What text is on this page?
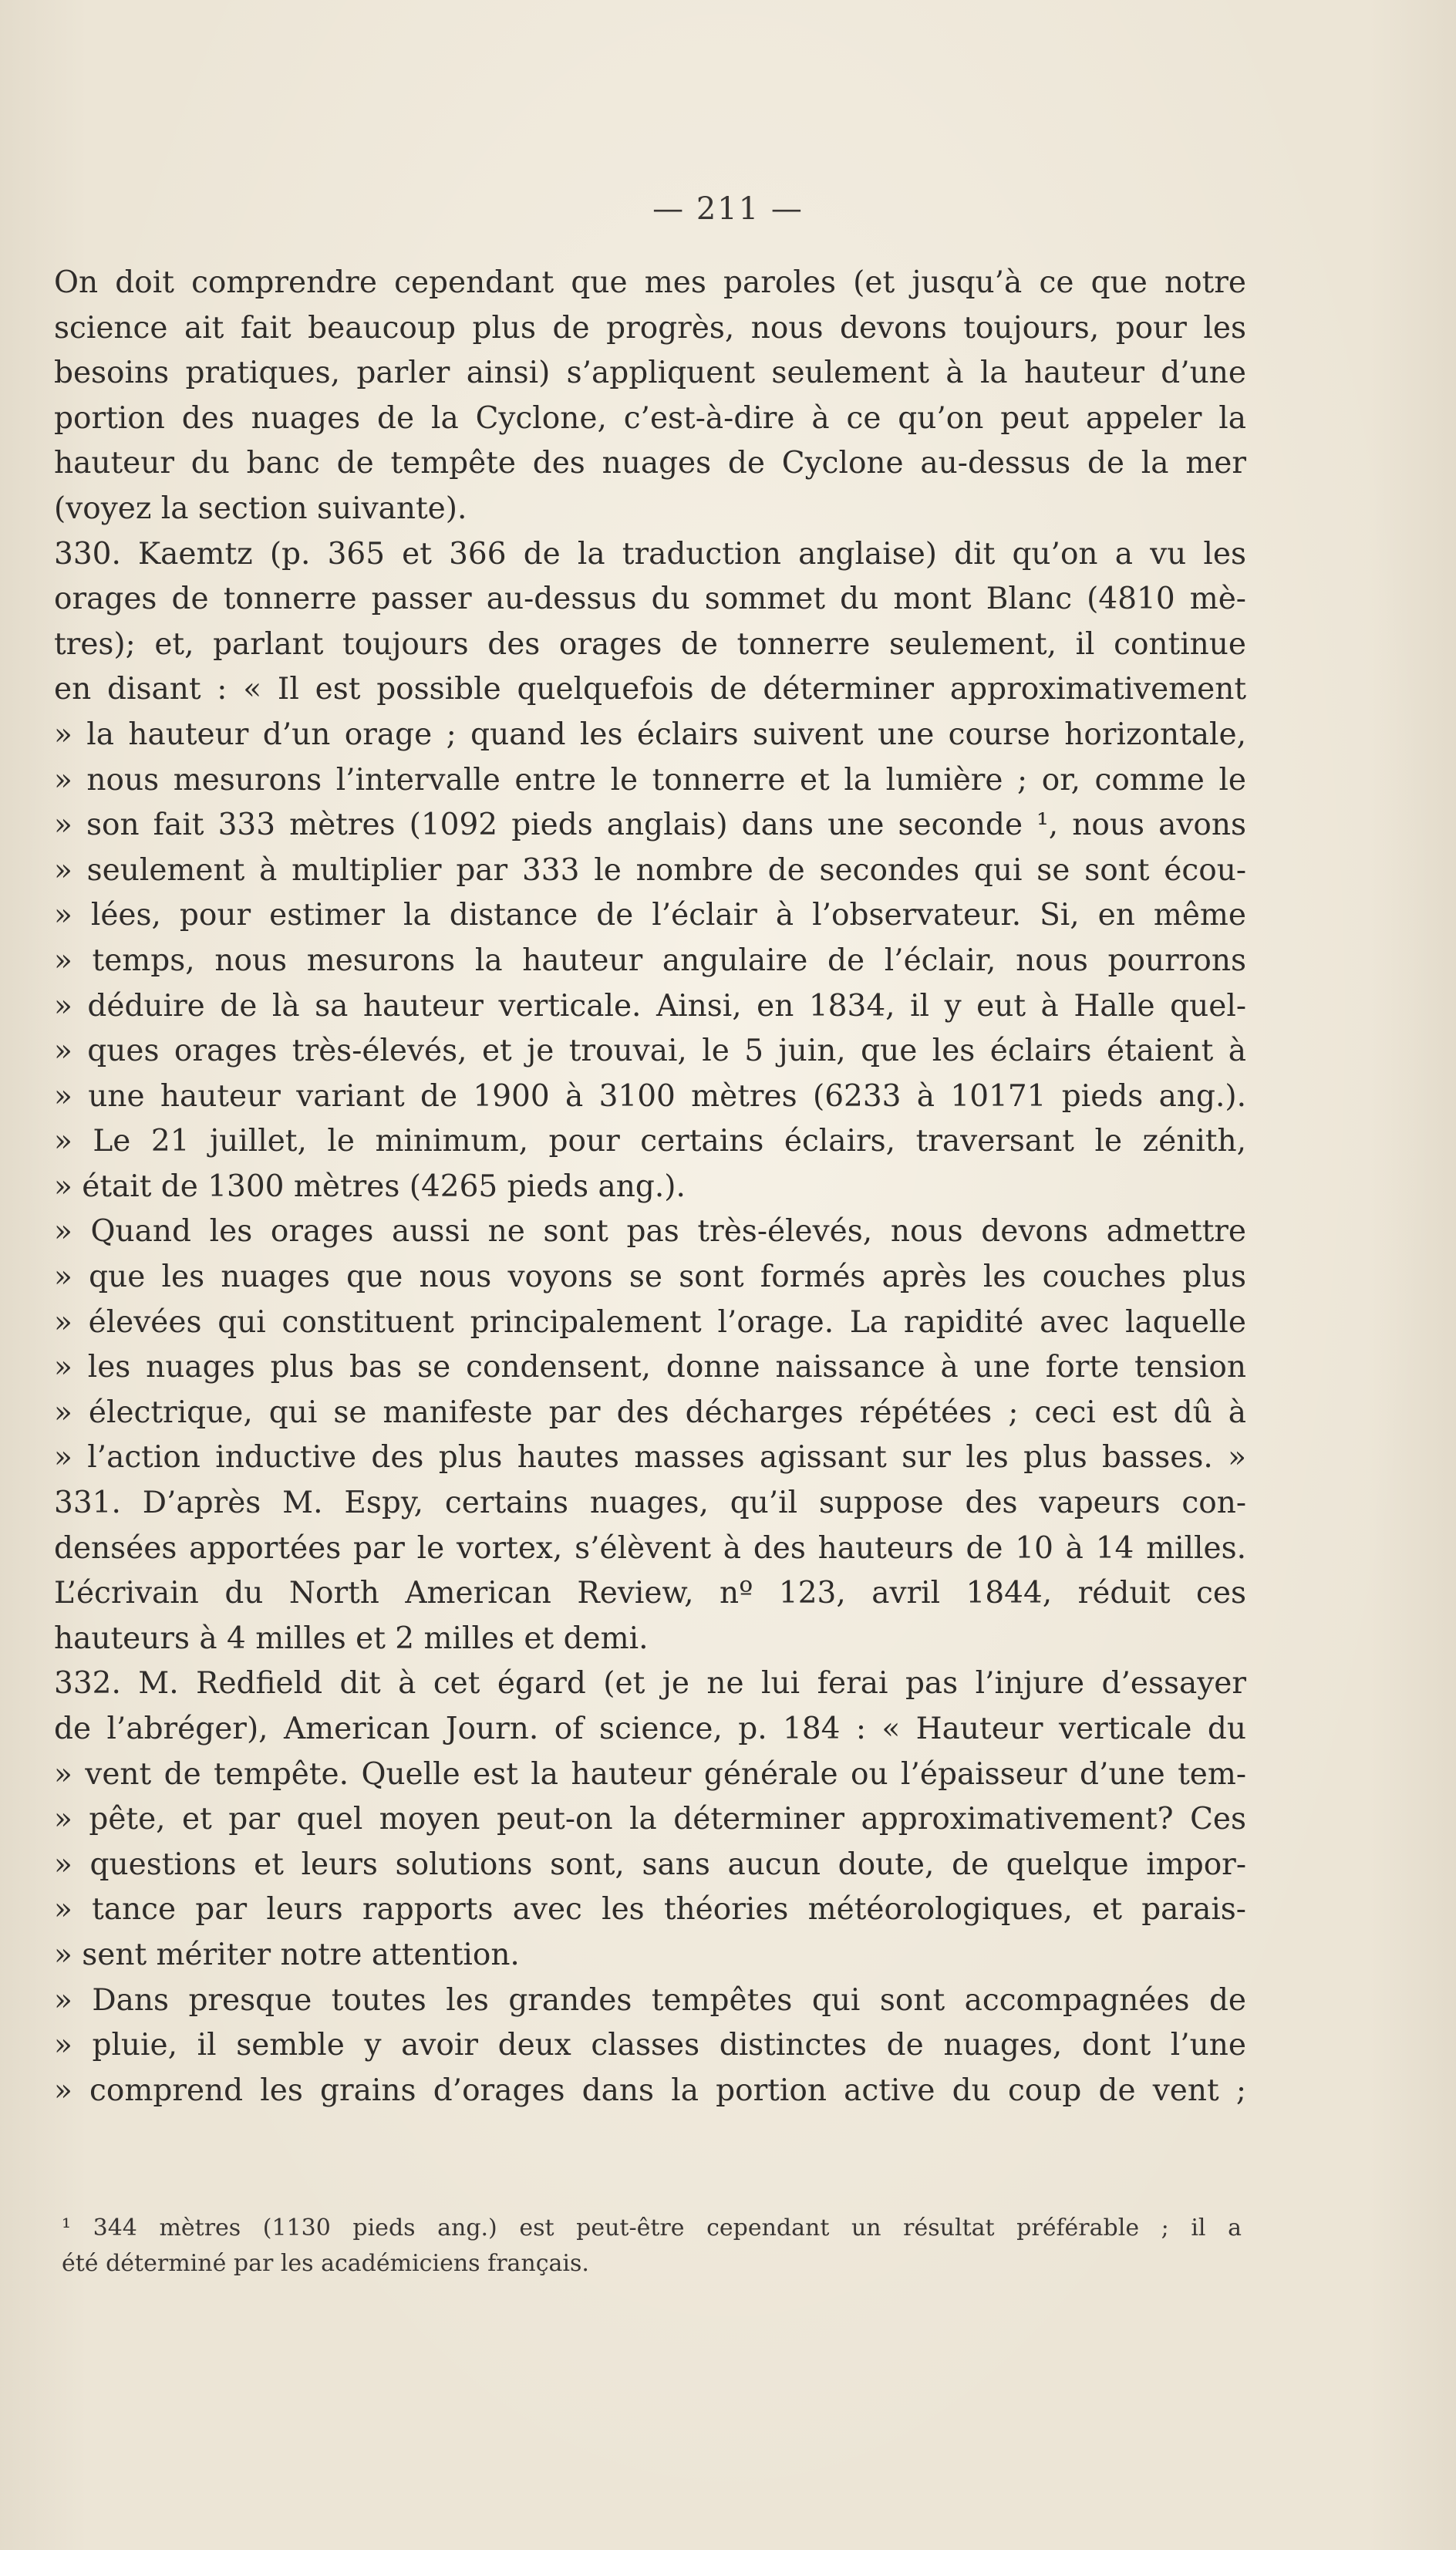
— 211 —
On doit comprendre cependant que mes paroles (et jusqu’à ce que notre
science ait fait beaucoup plus de progrès, nous devons toujours, pour les
besoins pratiques, parler ainsi) s’appliquent seulement à la hauteur d’une
portion des nuages de la Cyclone, c’est-à-dire à ce qu’on peut appeler la
hauteur du banc de tempête des nuages de Cyclone au-dessus de la mer
(voyez la section suivante).
330. Kaemtz (p. 365 et 366 de la traduction anglaise) dit qu’on a vu les
orages de tonnerre passer au-dessus du sommet du mont Blanc (4810 mè-
tres); et, parlant toujours des orages de tonnerre seulement, il continue
en disant : « Il est possible quelquefois de déterminer approximativement
» la hauteur d’un orage ; quand les éclairs suivent une course horizontale,
» nous mesurons l’intervalle entre le tonnerre et la lumière ; or, comme le
» son fait 333 mètres (1092 pieds anglais) dans une seconde ¹, nous avons
» seulement à multiplier par 333 le nombre de secondes qui se sont écou-
» lées, pour estimer la distance de l’éclair à l’observateur. Si, en même
» temps, nous mesurons la hauteur angulaire de l’éclair, nous pourrons
» déduire de là sa hauteur verticale. Ainsi, en 1834, il y eut à Halle quel-
» ques orages très-élevés, et je trouvai, le 5 juin, que les éclairs étaient à
» une hauteur variant de 1900 à 3100 mètres (6233 à 10171 pieds ang.).
» Le 21 juillet, le minimum, pour certains éclairs, traversant le zénith,
» était de 1300 mètres (4265 pieds ang.).
» Quand les orages aussi ne sont pas très-élevés, nous devons admettre
» que les nuages que nous voyons se sont formés après les couches plus
» élevées qui constituent principalement l’orage. La rapidité avec laquelle
» les nuages plus bas se condensent, donne naissance à une forte tension
» électrique, qui se manifeste par des décharges répétées ; ceci est dû à
» l’action inductive des plus hautes masses agissant sur les plus basses. »
331. D’après M. Espy, certains nuages, qu’il suppose des vapeurs con-
densées apportées par le vortex, s’élèvent à des hauteurs de 10 à 14 milles.
L’écrivain du North American Review, nº 123, avril 1844, réduit ces
hauteurs à 4 milles et 2 milles et demi.
332. M. Redfield dit à cet égard (et je ne lui ferai pas l’injure d’essayer
de l’abréger), American Journ. of science, p. 184 : « Hauteur verticale du
» vent de tempête. Quelle est la hauteur générale ou l’épaisseur d’une tem-
» pête, et par quel moyen peut-on la déterminer approximativement? Ces
» questions et leurs solutions sont, sans aucun doute, de quelque impor-
» tance par leurs rapports avec les théories météorologiques, et parais-
» sent mériter notre attention.
» Dans presque toutes les grandes tempêtes qui sont accompagnées de
» pluie, il semble y avoir deux classes distinctes de nuages, dont l’une
» comprend les grains d’orages dans la portion active du coup de vent ;
¹ 344 mètres (1130 pieds ang.) est peut-être cependant un résultat préférable ; il a
été déterminé par les académiciens français.
